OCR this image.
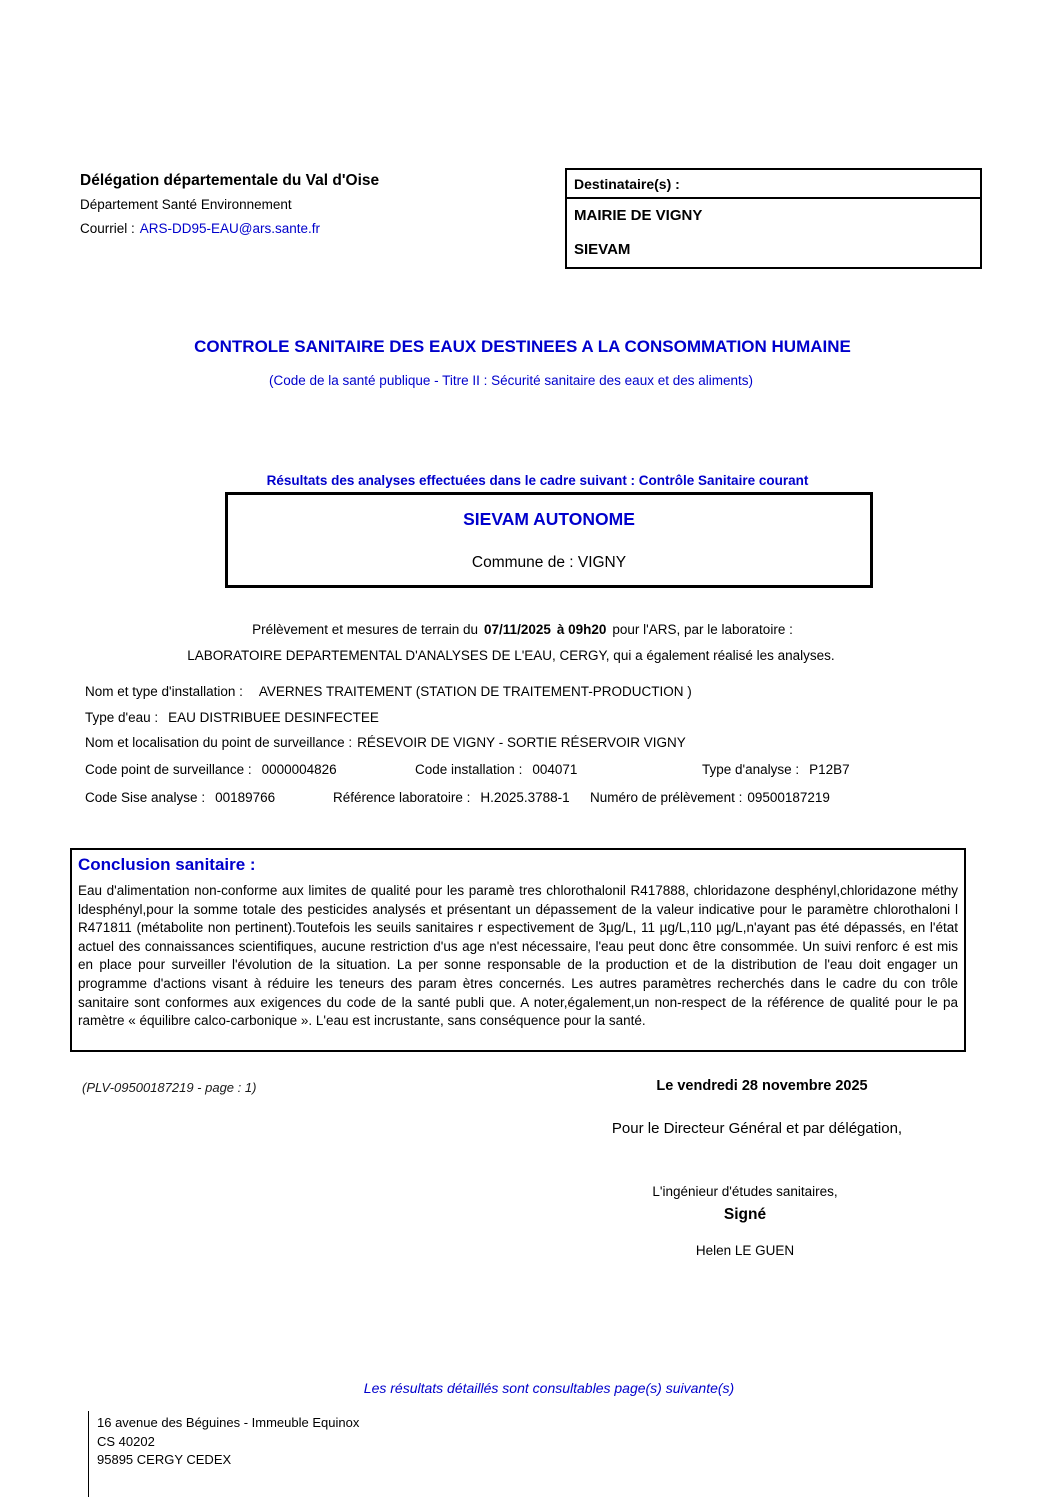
Délégation départementale du Val d'Oise
Département Santé Environnement
Courriel : ARS-DD95-EAU@ars.sante.fr
Destinataire(s) :
MAIRIE DE VIGNY
SIEVAM
CONTROLE SANITAIRE DES EAUX DESTINEES A LA CONSOMMATION HUMAINE
(Code de la santé publique - Titre II : Sécurité sanitaire des eaux et des aliments)
Résultats des analyses effectuées dans le cadre suivant : Contrôle Sanitaire courant
SIEVAM AUTONOME
Commune de : VIGNY
Prélèvement et mesures de terrain du 07/11/2025 à 09h20 pour l'ARS, par le laboratoire :
LABORATOIRE DEPARTEMENTAL D'ANALYSES DE L'EAU, CERGY, qui a également réalisé les analyses.
Nom et type d'installation : AVERNES TRAITEMENT (STATION DE TRAITEMENT-PRODUCTION )
Type d'eau : EAU DISTRIBUEE DESINFECTEE
Nom et localisation du point de surveillance : RÉSEVOIR DE VIGNY - SORTIE RÉSERVOIR VIGNY
Code point de surveillance : 0000004826	Code installation : 004071	Type d'analyse : P12B7
Code Sise analyse : 00189766	Référence laboratoire : H.2025.3788-1 Numéro de prélèvement : 09500187219
Conclusion sanitaire :
Eau d'alimentation non-conforme aux limites de qualité pour les paramè tres chlorothalonil R417888, chloridazone desphényl,chloridazone méthy ldesphényl,pour la somme totale des pesticides analysés et présentant un dépassement de la valeur indicative pour le paramètre chlorothaloni l R471811 (métabolite non pertinent).Toutefois les seuils sanitaires r espectivement de 3µg/L, 11 µg/L,110 µg/L,n'ayant pas été dépassés, en l'état actuel des connaissances scientifiques, aucune restriction d'us age n'est nécessaire, l'eau peut donc être consommée. Un suivi renforc é est mis en place pour surveiller l'évolution de la situation. La per sonne responsable de la production et de la distribution de l'eau doit engager un programme d'actions visant à réduire les teneurs des param ètres concernés. Les autres paramètres recherchés dans le cadre du con trôle sanitaire sont conformes aux exigences du code de la santé publi que. A noter,également,un non-respect de la référence de qualité pour le pa ramètre « équilibre calco-carbonique ». L'eau est incrustante, sans conséquence pour la santé.
(PLV-09500187219 - page : 1)	Le vendredi 28 novembre 2025
Pour le Directeur Général et par délégation,
L'ingénieur d'études sanitaires,
Signé
Helen LE GUEN
Les résultats détaillés sont consultables page(s) suivante(s)
16 avenue des Béguines - Immeuble Equinox
CS 40202
95895 CERGY CEDEX
